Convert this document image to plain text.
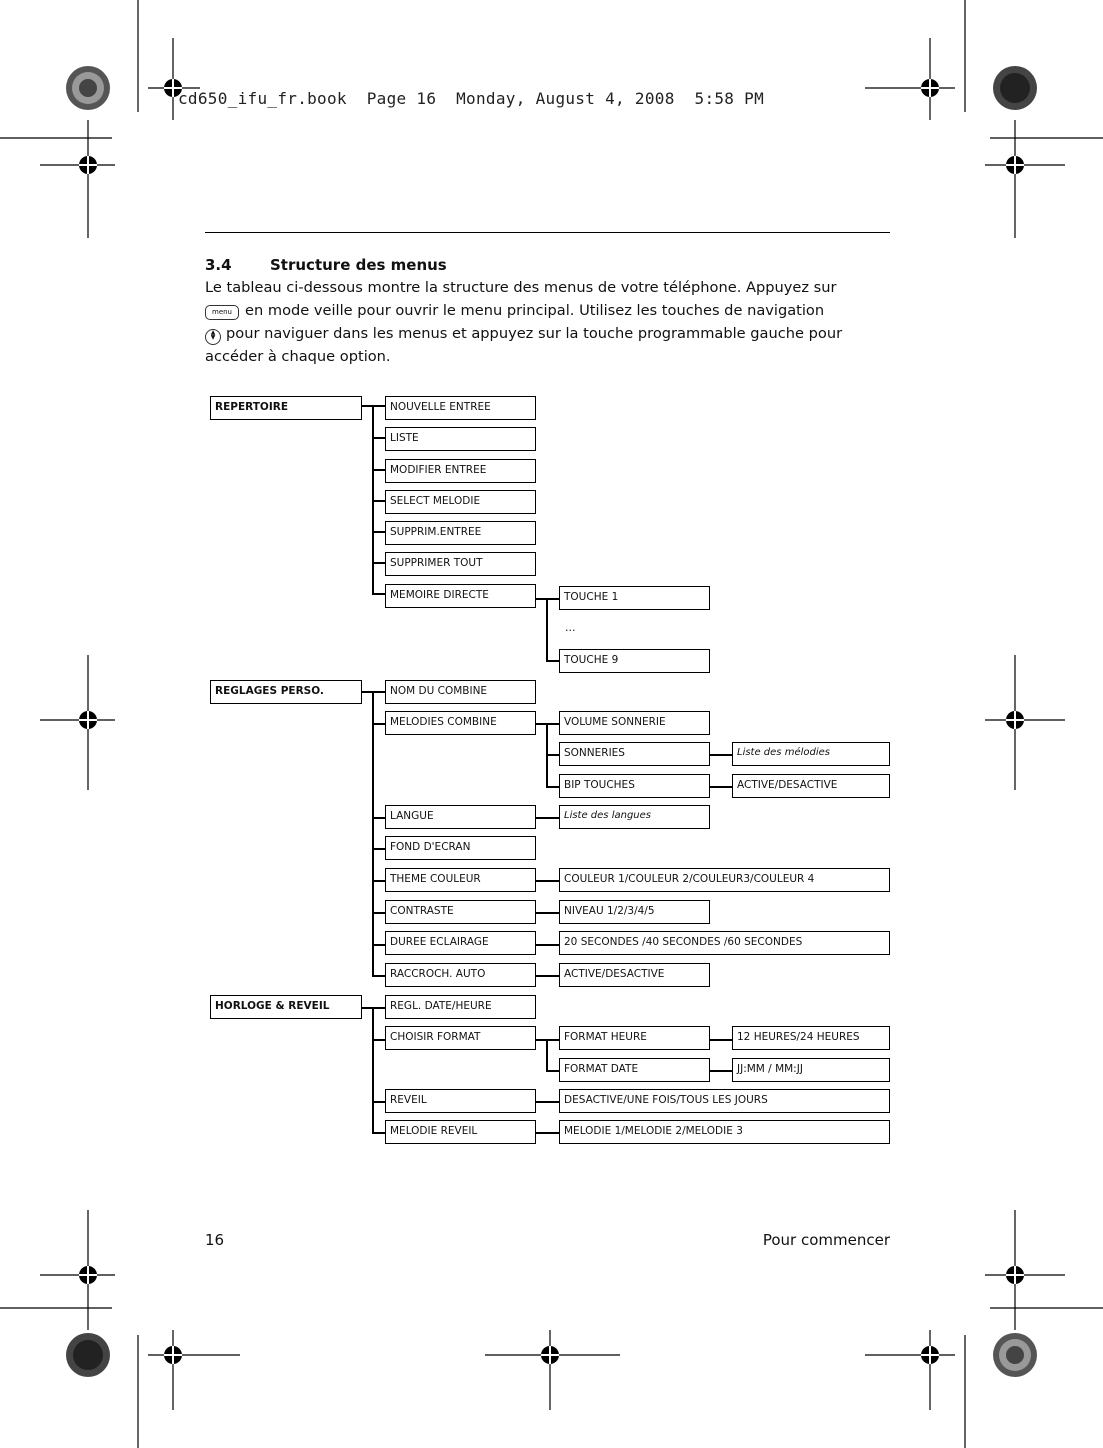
cd650_ifu_fr.book  Page 16  Monday, August 4, 2008  5:58 PM
3.4	Structure des menus
Le tableau ci-dessous montre la structure des menus de votre téléphone. Appuyez sur
menu en mode veille pour ouvrir le menu principal. Utilisez les touches de navigation
▲
▼ pour naviguer dans les menus et appuyez sur la touche programmable gauche pour accéder à chaque option.
REPERTOIRE	NOUVELLE ENTREE
LISTE
MODIFIER ENTREE
SELECT MELODIE
SUPPRIM.ENTREE
SUPPRIMER TOUT
MEMOIRE DIRECTE	TOUCHE 1
...
TOUCHE 9
REGLAGES PERSO.	NOM DU COMBINE
MELODIES COMBINE	VOLUME SONNERIE
SONNERIES	Liste des mélodies
BIP TOUCHES	ACTIVE/DESACTIVE
LANGUE	Liste des langues
FOND D'ECRAN
THEME COULEUR	COULEUR 1/COULEUR 2/COULEUR3/COULEUR 4
CONTRASTE	NIVEAU 1/2/3/4/5
DUREE ECLAIRAGE	20 SECONDES /40 SECONDES /60 SECONDES
RACCROCH. AUTO	ACTIVE/DESACTIVE
HORLOGE & REVEIL	REGL. DATE/HEURE
CHOISIR FORMAT	FORMAT HEURE	12 HEURES/24 HEURES
FORMAT DATE	JJ:MM / MM:JJ
REVEIL	DESACTIVE/UNE FOIS/TOUS LES JOURS
MELODIE REVEIL	MELODIE 1/MELODIE 2/MELODIE 3
16	Pour commencer
